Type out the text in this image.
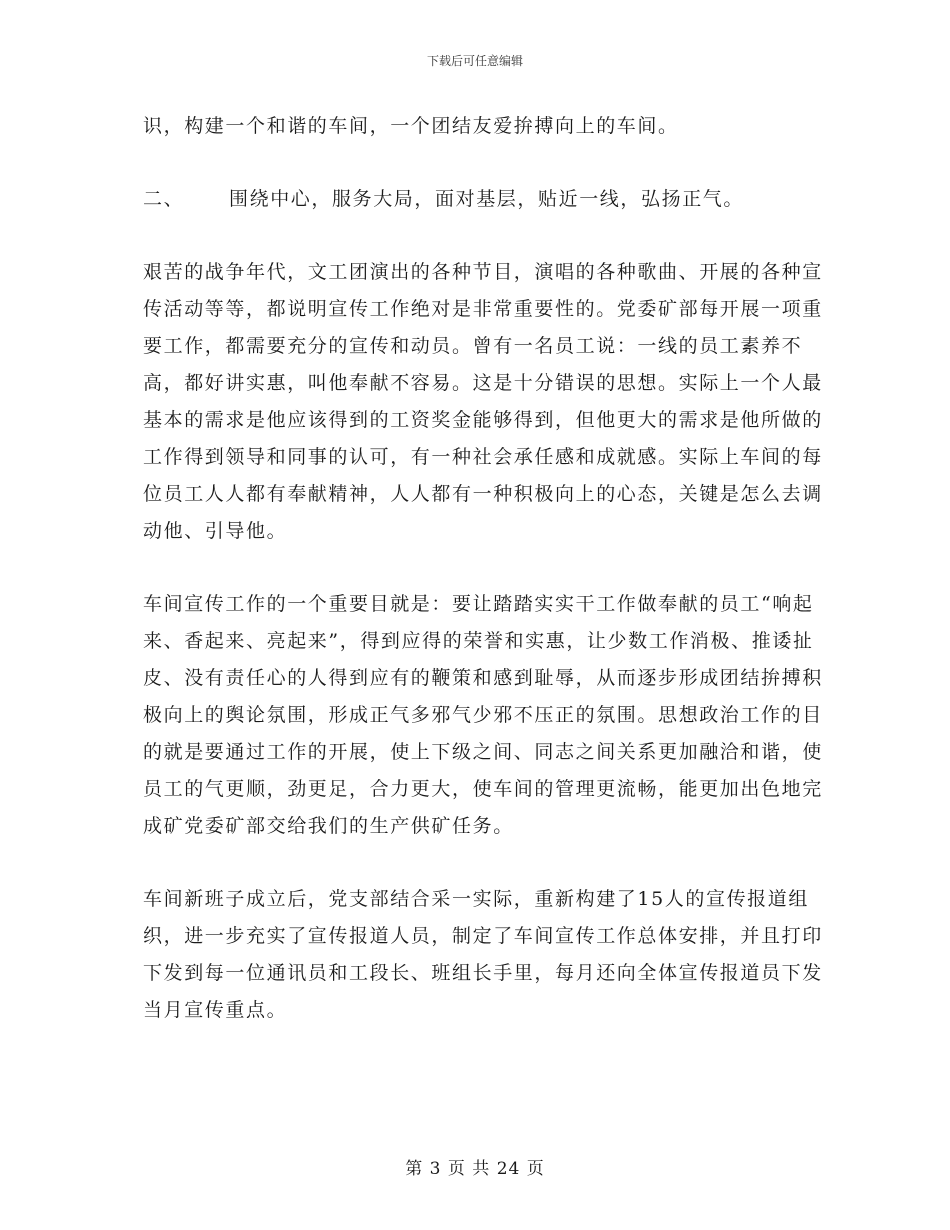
下载后可任意编辑

识，构建一个和谐的车间，一个团结友爱拚搏向上的车间。

二、	围绕中心，服务大局，面对基层，贴近一线，弘扬正气。

艰苦的战争年代，文工团演出的各种节目，演唱的各种歌曲、开展的各种宣传活动等等，都说明宣传工作绝对是非常重要性的。党委矿部每开展一项重要工作，都需要充分的宣传和动员。曾有一名员工说：一线的员工素养不高，都好讲实惠，叫他奉献不容易。这是十分错误的思想。实际上一个人最基本的需求是他应该得到的工资奖金能够得到，但他更大的需求是他所做的工作得到领导和同事的认可，有一种社会承任感和成就感。实际上车间的每位员工人人都有奉献精神，人人都有一种积极向上的心态，关键是怎么去调动他、引导他。

车间宣传工作的一个重要目就是：要让踏踏实实干工作做奉献的员工“响起来、香起来、亮起来”，得到应得的荣誉和实惠，让少数工作消极、推诿扯皮、没有责任心的人得到应有的鞭策和感到耻辱，从而逐步形成团结拚搏积极向上的舆论氛围，形成正气多邪气少邪不压正的氛围。思想政治工作的目的就是要通过工作的开展，使上下级之间、同志之间关系更加融洽和谐，使员工的气更顺，劲更足，合力更大，使车间的管理更流畅，能更加出色地完成矿党委矿部交给我们的生产供矿任务。

车间新班子成立后，党支部结合采一实际，重新构建了15人的宣传报道组织，进一步充实了宣传报道人员，制定了车间宣传工作总体安排，并且打印下发到每一位通讯员和工段长、班组长手里，每月还向全体宣传报道员下发当月宣传重点。

第 3 页 共 24 页
